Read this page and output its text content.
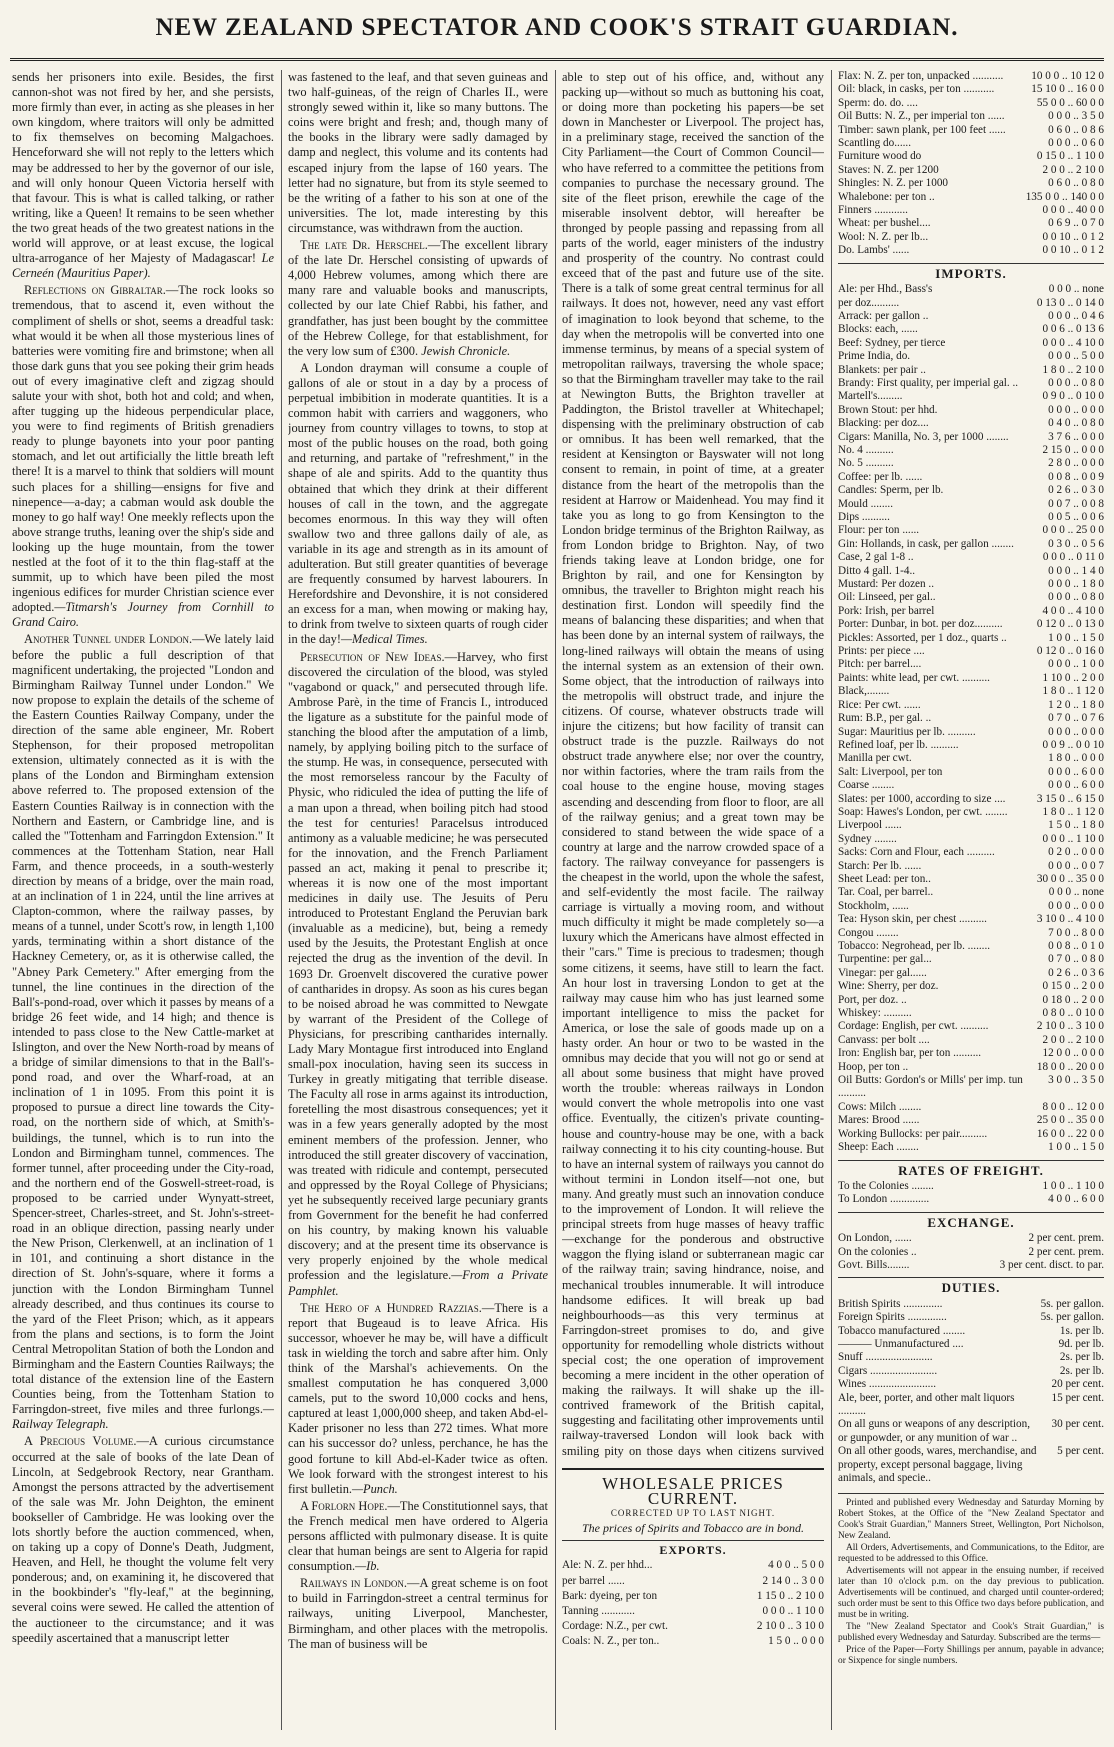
NEW ZEALAND SPECTATOR AND COOK'S STRAIT GUARDIAN.

sends her prisoners into exile. Besides, the first cannon-shot was not fired by her, and she persists, more firmly than ever, in acting as she pleases in her own kingdom, where traitors will only be admitted to fix themselves on becoming Malgachoes. Henceforward she will not reply to the letters which may be addressed to her by the governor of our isle, and will only honour Queen Victoria herself with that favour. This is what is called talking, or rather writing, like a Queen! It remains to be seen whether the two great heads of the two greatest nations in the world will approve, or at least excuse, the logical ultra-arrogance of her Majesty of Madagascar! Le Cerneén (Mauritius Paper).

Reflections on Gibraltar.—The rock looks so tremendous, that to ascend it, even without the compliment of shells or shot, seems a dreadful task: what would it be when all those mysterious lines of batteries were vomiting fire and brimstone; when all those dark guns that you see poking their grim heads out of every imaginative cleft and zigzag should salute your with shot, both hot and cold; and when, after tugging up the hideous perpendicular place, you were to find regiments of British grenadiers ready to plunge bayonets into your poor panting stomach, and let out artificially the little breath left there! It is a marvel to think that soldiers will mount such places for a shilling—ensigns for five and ninepence—a-day; a cabman would ask double the money to go half way! One meekly reflects upon the above strange truths, leaning over the ship's side and looking up the huge mountain, from the tower nestled at the foot of it to the thin flag-staff at the summit, up to which have been piled the most ingenious edifices for murder Christian science ever adopted.—Titmarsh's Journey from Cornhill to Grand Cairo.

Another Tunnel under London.—We lately laid before the public a full description of that magnificent undertaking, the projected "London and Birmingham Railway Tunnel under London." We now propose to explain the details of the scheme of the Eastern Counties Railway Company, under the direction of the same able engineer, Mr. Robert Stephenson, for their proposed metropolitan extension, ultimately connected as it is with the plans of the London and Birmingham extension above referred to. The proposed extension of the Eastern Counties Railway is in connection with the Northern and Eastern, or Cambridge line, and is called the "Tottenham and Farringdon Extension." It commences at the Tottenham Station, near Hall Farm, and thence proceeds, in a south-westerly direction by means of a bridge, over the main road, at an inclination of 1 in 224, until the line arrives at Clapton-common, where the railway passes, by means of a tunnel, under Scott's row, in length 1,100 yards, terminating within a short distance of the Hackney Cemetery, or, as it is otherwise called, the "Abney Park Cemetery." After emerging from the tunnel, the line continues in the direction of the Ball's-pond-road, over which it passes by means of a bridge 26 feet wide, and 14 high; and thence is intended to pass close to the New Cattle-market at Islington, and over the New North-road by means of a bridge of similar dimensions to that in the Ball's-pond road, and over the Wharf-road, at an inclination of 1 in 1095. From this point it is proposed to pursue a direct line towards the City-road, on the northern side of which, at Smith's-buildings, the tunnel, which is to run into the London and Birmingham tunnel, commences. The former tunnel, after proceeding under the City-road, and the northern end of the Goswell-street-road, is proposed to be carried under Wynyatt-street, Spencer-street, Charles-street, and St. John's-street-road in an oblique direction, passing nearly under the New Prison, Clerkenwell, at an inclination of 1 in 101, and continuing a short distance in the direction of St. John's-square, where it forms a junction with the London Birmingham Tunnel already described, and thus continues its course to the yard of the Fleet Prison; which, as it appears from the plans and sections, is to form the Joint Central Metropolitan Station of both the London and Birmingham and the Eastern Counties Railways; the total distance of the extension line of the Eastern Counties being, from the Tottenham Station to Farringdon-street, five miles and three furlongs.—Railway Telegraph.

A Precious Volume.—A curious circumstance occurred at the sale of books of the late Dean of Lincoln, at Sedgebrook Rectory, near Grantham. Amongst the persons attracted by the advertisement of the sale was Mr. John Deighton, the eminent bookseller of Cambridge. He was looking over the lots shortly before the auction commenced, when, on taking up a copy of Donne's Death, Judgment, Heaven, and Hell, he thought the volume felt very ponderous; and, on examining it, he discovered that in the bookbinder's "fly-leaf," at the beginning, several coins were sewed. He called the attention of the auctioneer to the circumstance; and it was speedily ascertained that a manuscript letter

was fastened to the leaf, and that seven guineas and two half-guineas, of the reign of Charles II., were strongly sewed within it, like so many buttons. The coins were bright and fresh; and, though many of the books in the library were sadly damaged by damp and neglect, this volume and its contents had escaped injury from the lapse of 160 years. The letter had no signature, but from its style seemed to be the writing of a father to his son at one of the universities. The lot, made interesting by this circumstance, was withdrawn from the auction.

The late Dr. Herschel.—The excellent library of the late Dr. Herschel consisting of upwards of 4,000 Hebrew volumes, among which there are many rare and valuable books and manuscripts, collected by our late Chief Rabbi, his father, and grandfather, has just been bought by the committee of the Hebrew College, for that establishment, for the very low sum of £300. Jewish Chronicle.

A London drayman will consume a couple of gallons of ale or stout in a day by a process of perpetual imbibition in moderate quantities. It is a common habit with carriers and waggoners, who journey from country villages to towns, to stop at most of the public houses on the road, both going and returning, and partake of "refreshment," in the shape of ale and spirits. Add to the quantity thus obtained that which they drink at their different houses of call in the town, and the aggregate becomes enormous. In this way they will often swallow two and three gallons daily of ale, as variable in its age and strength as in its amount of adulteration. But still greater quantities of beverage are frequently consumed by harvest labourers. In Herefordshire and Devonshire, it is not considered an excess for a man, when mowing or making hay, to drink from twelve to sixteen quarts of rough cider in the day!—Medical Times.

Persecution of New Ideas.—Harvey, who first discovered the circulation of the blood, was styled "vagabond or quack," and persecuted through life. Ambrose Parè, in the time of Francis I., introduced the ligature as a substitute for the painful mode of stanching the blood after the amputation of a limb, namely, by applying boiling pitch to the surface of the stump. He was, in consequence, persecuted with the most remorseless rancour by the Faculty of Physic, who ridiculed the idea of putting the life of a man upon a thread, when boiling pitch had stood the test for centuries! Paracelsus introduced antimony as a valuable medicine; he was persecuted for the innovation, and the French Parliament passed an act, making it penal to prescribe it; whereas it is now one of the most important medicines in daily use. The Jesuits of Peru introduced to Protestant England the Peruvian bark (invaluable as a medicine), but, being a remedy used by the Jesuits, the Protestant English at once rejected the drug as the invention of the devil. In 1693 Dr. Groenvelt discovered the curative power of cantharides in dropsy. As soon as his cures began to be noised abroad he was committed to Newgate by warrant of the President of the College of Physicians, for prescribing cantharides internally. Lady Mary Montague first introduced into England small-pox inoculation, having seen its success in Turkey in greatly mitigating that terrible disease. The Faculty all rose in arms against its introduction, foretelling the most disastrous consequences; yet it was in a few years generally adopted by the most eminent members of the profession. Jenner, who introduced the still greater discovery of vaccination, was treated with ridicule and contempt, persecuted and oppressed by the Royal College of Physicians; yet he subsequently received large pecuniary grants from Government for the benefit he had conferred on his country, by making known his valuable discovery; and at the present time its observance is very properly enjoined by the whole medical profession and the legislature.—From a Private Pamphlet.

The Hero of a Hundred Razzias.—There is a report that Bugeaud is to leave Africa. His successor, whoever he may be, will have a difficult task in wielding the torch and sabre after him. Only think of the Marshal's achievements. On the smallest computation he has conquered 3,000 camels, put to the sword 10,000 cocks and hens, captured at least 1,000,000 sheep, and taken Abd-el-Kader prisoner no less than 272 times. What more can his successor do? unless, perchance, he has the good fortune to kill Abd-el-Kader twice as often. We look forward with the strongest interest to his first bulletin.—Punch.

A Forlorn Hope.—The Constitutionnel says, that the French medical men have ordered to Algeria persons afflicted with pulmonary disease. It is quite clear that human beings are sent to Algeria for rapid consumption.—Ib.

Railways in London.—A great scheme is on foot to build in Farringdon-street a central terminus for railways, uniting Liverpool, Manchester, Birmingham, and other places with the metropolis. The man of business will be

able to step out of his office, and, without any packing up—without so much as buttoning his coat, or doing more than pocketing his papers—be set down in Manchester or Liverpool. The project has, in a preliminary stage, received the sanction of the City Parliament—the Court of Common Council—who have referred to a committee the petitions from companies to purchase the necessary ground. The site of the fleet prison, erewhile the cage of the miserable insolvent debtor, will hereafter be thronged by people passing and repassing from all parts of the world, eager ministers of the industry and prosperity of the country. No contrast could exceed that of the past and future use of the site. There is a talk of some great central terminus for all railways. It does not, however, need any vast effort of imagination to look beyond that scheme, to the day when the metropolis will be converted into one immense terminus, by means of a special system of metropolitan railways, traversing the whole space; so that the Birmingham traveller may take to the rail at Newington Butts, the Brighton traveller at Paddington, the Bristol traveller at Whitechapel; dispensing with the preliminary obstruction of cab or omnibus. It has been well remarked, that the resident at Kensington or Bayswater will not long consent to remain, in point of time, at a greater distance from the heart of the metropolis than the resident at Harrow or Maidenhead. You may find it take you as long to go from Kensington to the London bridge terminus of the Brighton Railway, as from London bridge to Brighton. Nay, of two friends taking leave at London bridge, one for Brighton by rail, and one for Kensington by omnibus, the traveller to Brighton might reach his destination first. London will speedily find the means of balancing these disparities; and when that has been done by an internal system of railways, the long-lined railways will obtain the means of using the internal system as an extension of their own. Some object, that the introduction of railways into the metropolis will obstruct trade, and injure the citizens. Of course, whatever obstructs trade will injure the citizens; but how facility of transit can obstruct trade is the puzzle. Railways do not obstruct trade anywhere else; nor over the country, nor within factories, where the tram rails from the coal house to the engine house, moving stages ascending and descending from floor to floor, are all of the railway genius; and a great town may be considered to stand between the wide space of a country at large and the narrow crowded space of a factory. The railway conveyance for passengers is the cheapest in the world, upon the whole the safest, and self-evidently the most facile. The railway carriage is virtually a moving room, and without much difficulty it might be made completely so—a luxury which the Americans have almost effected in their "cars." Time is precious to tradesmen; though some citizens, it seems, have still to learn the fact. An hour lost in traversing London to get at the railway may cause him who has just learned some important intelligence to miss the packet for America, or lose the sale of goods made up on a hasty order. An hour or two to be wasted in the omnibus may decide that you will not go or send at all about some business that might have proved worth the trouble: whereas railways in London would convert the whole metropolis into one vast office. Eventually, the citizen's private counting-house and country-house may be one, with a back railway connecting it to his city counting-house. But to have an internal system of railways you cannot do without termini in London itself—not one, but many. And greatly must such an innovation conduce to the improvement of London. It will relieve the principal streets from huge masses of heavy traffic—exchange for the ponderous and obstructive waggon the flying island or subterranean magic car of the railway train; saving hindrance, noise, and mechanical troubles innumerable. It will introduce handsome edifices. It will break up bad neighbourhoods—as this very terminus at Farringdon-street promises to do, and give opportunity for remodelling whole districts without special cost; the one operation of improvement becoming a mere incident in the other operation of making the railways. It will shake up the ill-contrived framework of the British capital, suggesting and facilitating other improvements until railway-traversed London will look back with smiling pity on those days when citizens survived

WHOLESALE PRICES CURRENT.
CORRECTED UP TO LAST NIGHT.
The prices of Spirits and Tobacco are in bond.
EXPORTS.
Ale: N. Z. per hhd...	4 0 0 .. 5 0 0
per barrel ......	2 14 0 .. 3 0 0
Bark: dyeing, per ton	1 15 0 .. 2 10 0
Tanning ............	0 0 0 .. 1 10 0
Cordage: N.Z., per cwt.	2 10 0 .. 3 10 0
Coals: N. Z., per ton..	1 5 0 .. 0 0 0
Flax: N. Z. per ton, unpacked ...........	10 0 0 .. 10 12 0
Oil: black, in casks, per ton ...........	15 10 0 .. 16 0 0
Sperm: do. do. ....	55 0 0 .. 60 0 0
Oil Butts: N. Z., per imperial ton ......	0 0 0 .. 3 5 0
Timber: sawn plank, per 100 feet ......	0 6 0 .. 0 8 6
Scantling do......	0 0 0 .. 0 6 0
Furniture wood do	0 15 0 .. 1 10 0
Staves: N. Z. per 1200	2 0 0 .. 2 10 0
Shingles: N. Z. per 1000	0 6 0 .. 0 8 0
Whalebone: per ton ..	135 0 0 .. 140 0 0
Finners ............	0 0 0 .. 40 0 0
Wheat: per bushel....	0 6 9 .. 0 7 0
Wool: N. Z. per lb...	0 0 10 .. 0 1 2
Do. Lambs' ......	0 0 10 .. 0 1 2
IMPORTS.
Ale: per Hhd., Bass's	0 0 0 .. none
per doz..........	0 13 0 .. 0 14 0
Arrack: per gallon ..	0 0 0 .. 0 4 6
Blocks: each, ......	0 0 6 .. 0 13 6
Beef: Sydney, per tierce	0 0 0 .. 4 10 0
Prime India, do.	0 0 0 .. 5 0 0
Blankets: per pair ..	1 8 0 .. 2 10 0
Brandy: First quality, per imperial gal. ..	0 0 0 .. 0 8 0
Martell's.........	0 9 0 .. 0 10 0
Brown Stout: per hhd.	0 0 0 .. 0 0 0
Blacking: per doz....	0 4 0 .. 0 8 0
Cigars: Manilla, No. 3, per 1000 ........	3 7 6 .. 0 0 0
No. 4 ..........	2 15 0 .. 0 0 0
No. 5 ..........	2 8 0 .. 0 0 0
Coffee: per lb. ......	0 0 8 .. 0 0 9
Candles: Sperm, per lb.	0 2 6 .. 0 3 0
Mould ........	0 0 7 .. 0 0 8
Dips ..........	0 0 5 .. 0 0 6
Flour: per ton ......	0 0 0 .. 25 0 0
Gin: Hollands, in cask, per gallon ........	0 3 0 .. 0 5 6
Case, 2 gal 1-8 ..	0 0 0 .. 0 11 0
Ditto 4 gall. 1-4..	0 0 0 .. 1 4 0
Mustard: Per dozen ..	0 0 0 .. 1 8 0
Oil: Linseed, per gal..	0 0 0 .. 0 8 0
Pork: Irish, per barrel	4 0 0 .. 4 10 0
Porter: Dunbar, in bot. per doz..........	0 12 0 .. 0 13 0
Pickles: Assorted, per 1 doz., quarts ..	1 0 0 .. 1 5 0
Prints: per piece ....	0 12 0 .. 0 16 0
Pitch: per barrel....	0 0 0 .. 1 0 0
Paints: white lead, per cwt. ..........	1 10 0 .. 2 0 0
Black,........	1 8 0 .. 1 12 0
Rice: Per cwt. ......	1 2 0 .. 1 8 0
Rum: B.P., per gal. ..	0 7 0 .. 0 7 6
Sugar: Mauritius per lb. ..........	0 0 0 .. 0 0 0
Refined loaf, per lb. ..........	0 0 9 .. 0 0 10
Manilla per cwt.	1 8 0 .. 0 0 0
Salt: Liverpool, per ton	0 0 0 .. 6 0 0
Coarse ........	0 0 0 .. 6 0 0
Slates: per 1000, according to size ....	3 15 0 .. 6 15 0
Soap: Hawes's London, per cwt. ........	1 8 0 .. 1 12 0
Liverpool ......	1 5 0 .. 1 8 0
Sydney ........	0 0 0 .. 1 10 0
Sacks: Corn and Flour, each ..........	0 2 0 .. 0 0 0
Starch: Per lb. ......	0 0 0 .. 0 0 7
Sheet Lead: per ton..	30 0 0 .. 35 0 0
Tar. Coal, per barrel..	0 0 0 .. none
Stockholm, ......	0 0 0 .. 0 0 0
Tea: Hyson skin, per chest ..........	3 10 0 .. 4 10 0
Congou ........	7 0 0 .. 8 0 0
Tobacco: Negrohead, per lb. ........	0 0 8 .. 0 1 0
Turpentine: per gal...	0 7 0 .. 0 8 0
Vinegar: per gal......	0 2 6 .. 0 3 6
Wine: Sherry, per doz.	0 15 0 .. 2 0 0
Port, per doz. ..	0 18 0 .. 2 0 0
Whiskey: ..........	0 8 0 .. 0 10 0
Cordage: English, per cwt. ..........	2 10 0 .. 3 10 0
Canvass: per bolt ....	2 0 0 .. 2 10 0
Iron: English bar, per ton ..........	12 0 0 .. 0 0 0
Hoop, per ton ..	18 0 0 .. 20 0 0
Oil Butts: Gordon's or Mills' per imp. tun ..........	3 0 0 .. 3 5 0
Cows: Milch ........	8 0 0 .. 12 0 0
Mares: Brood ......	25 0 0 .. 35 0 0
Working Bullocks: per pair..........	16 0 0 .. 22 0 0
Sheep: Each ........	1 0 0 .. 1 5 0
RATES OF FREIGHT.
To the Colonies ........	1 0 0 .. 1 10 0
To London ..............	4 0 0 .. 6 0 0
EXCHANGE.
On London, ......	2 per cent. prem.
On the colonies ..	2 per cent. prem.
Govt. Bills........	3 per cent. disct. to par.
DUTIES.
British Spirits ..............	5s. per gallon.
Foreign Spirits ..............	5s. per gallon.
Tobacco manufactured ........	1s. per lb.
——— Unmanufactured ....	9d. per lb.
Snuff ........................	2s. per lb.
Cigars ........................	2s. per lb.
Wines ........................	20 per cent.
Ale, beer, porter, and other malt liquors ..........	15 per cent.
On all guns or weapons of any description, or gunpowder, or any munition of war ..	30 per cent.
On all other goods, wares, merchandise, and property, except personal baggage, living animals, and specie..	5 per cent.

Printed and published every Wednesday and Saturday Morning by Robert Stokes, at the Office of the "New Zealand Spectator and Cook's Strait Guardian," Manners Street, Wellington, Port Nicholson, New Zealand.

All Orders, Advertisements, and Communications, to the Editor, are requested to be addressed to this Office.

Advertisements will not appear in the ensuing number, if received later than 10 o'clock p.m. on the day previous to publication. Advertisements will be continued, and charged until counter-ordered; such order must be sent to this Office two days before publication, and must be in writing.

The "New Zealand Spectator and Cook's Strait Guardian," is published every Wednesday and Saturday. Subscribed are the terms—

Price of the Paper—Forty Shillings per annum, payable in advance; or Sixpence for single numbers.
